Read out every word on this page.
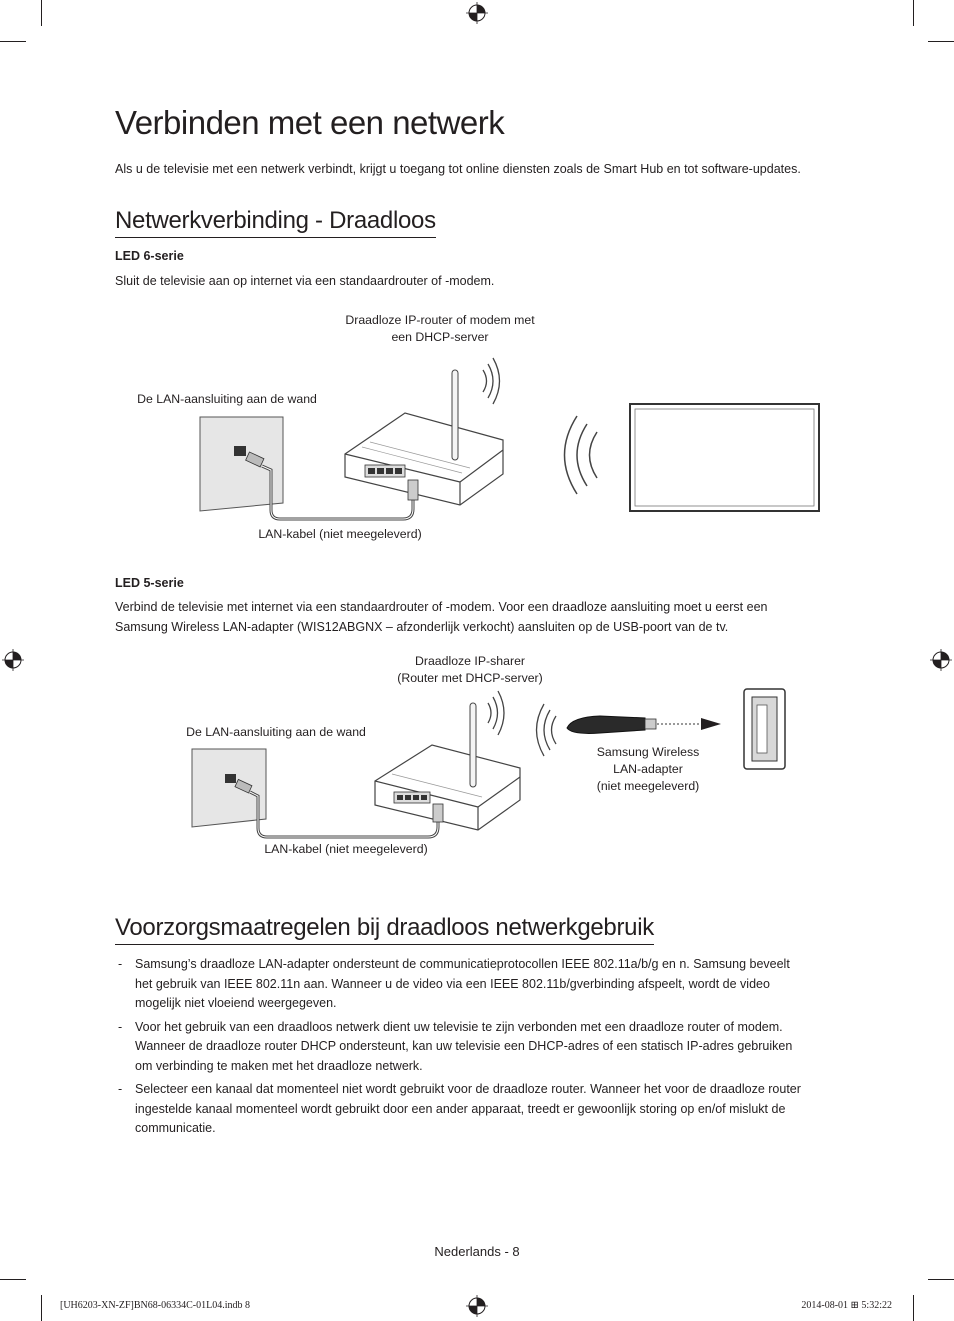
Verbinden met een netwerk
Als u de televisie met een netwerk verbindt, krijgt u toegang tot online diensten zoals de Smart Hub en tot software-updates.
Netwerkverbinding - Draadloos
LED 6-serie
Sluit de televisie aan op internet via een standaardrouter of -modem.
Draadloze IP-router of modem met
een DHCP-server
De LAN-aansluiting aan de wand
LAN-kabel (niet meegeleverd)
LED 5-serie
Verbind de televisie met internet via een standaardrouter of -modem. Voor een draadloze aansluiting moet u eerst een
Samsung Wireless LAN-adapter (WIS12ABGNX – afzonderlijk verkocht) aansluiten op de USB-poort van de tv.
Draadloze IP-sharer
(Router met DHCP-server)
De LAN-aansluiting aan de wand
Samsung Wireless
LAN-adapter
(niet meegeleverd)
LAN-kabel (niet meegeleverd)
Voorzorgsmaatregelen bij draadloos netwerkgebruik
- Samsung’s draadloze LAN-adapter ondersteunt de communicatieprotocollen IEEE 802.11a/b/g en n. Samsung beveelt
het gebruik van IEEE 802.11n aan. Wanneer u de video via een IEEE 802.11b/gverbinding afspeelt, wordt de video
mogelijk niet vloeiend weergegeven.
- Voor het gebruik van een draadloos netwerk dient uw televisie te zijn verbonden met een draadloze router of modem.
Wanneer de draadloze router DHCP ondersteunt, kan uw televisie een DHCP-adres of een statisch IP-adres gebruiken
om verbinding te maken met het draadloze netwerk.
- Selecteer een kanaal dat momenteel niet wordt gebruikt voor de draadloze router. Wanneer het voor de draadloze router
ingestelde kanaal momenteel wordt gebruikt door een ander apparaat, treedt er gewoonlijk storing op en/of mislukt de
communicatie.
Nederlands - 8
[UH6203-XN-ZF]BN68-06334C-01L04.indb 8	2014-08-01 ⊞ 5:32:22
